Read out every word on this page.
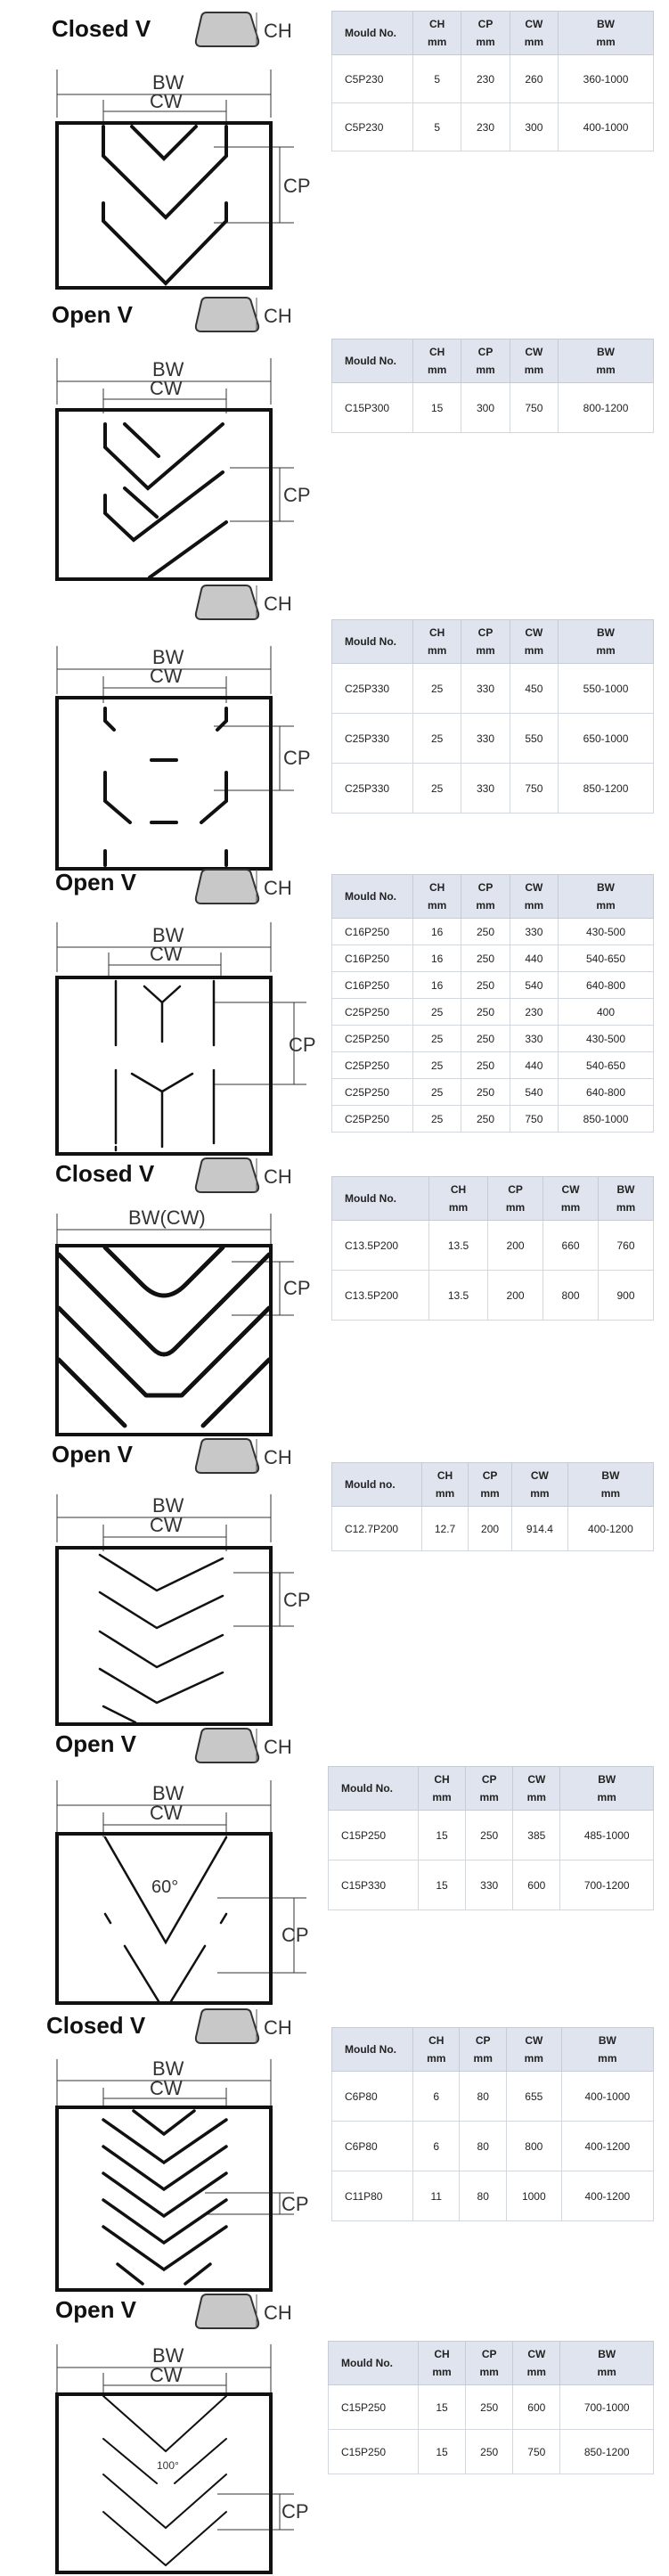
Closed V	CH
BW
CW
CP
Mould No.	CH
mm	CP
mm	CW
mm	BW
mm
C5P230	5	230	260	360-1000
C5P230	5	230	300	400-1000
Open V	CH
BW
CW
CP
Mould No.	CH
mm	CP
mm	CW
mm	BW
mm
C15P300	15	300	750	800-1200
CH
BW
CW
CP
Mould No.	CH
mm	CP
mm	CW
mm	BW
mm
C25P330	25	330	450	550-1000
C25P330	25	330	550	650-1000
C25P330	25	330	750	850-1200
Open V	CH
BW
CW
CP
Mould No.	CH
mm	CP
mm	CW
mm	BW
mm
C16P250	16	250	330	430-500
C16P250	16	250	440	540-650
C16P250	16	250	540	640-800
C25P250	25	250	230	400
C25P250	25	250	330	430-500
C25P250	25	250	440	540-650
C25P250	25	250	540	640-800
C25P250	25	250	750	850-1000
Closed V	CH
BW(CW)
CP
Mould No.	CH
mm	CP
mm	CW
mm	BW
mm
C13.5P200	13.5	200	660	760
C13.5P200	13.5	200	800	900
Open V	CH
BW
CW
CP
Mould no.	CH
mm	CP
mm	CW
mm	BW
mm
C12.7P200	12.7	200	914.4	400-1200
Open V	CH
BW
CW
CP
60°
Mould No.	CH
mm	CP
mm	CW
mm	BW
mm
C15P250	15	250	385	485-1000
C15P330	15	330	600	700-1200
Closed V	CH
BW
CW
CP
Mould No.	CH
mm	CP
mm	CW
mm	BW
mm
C6P80	6	80	655	400-1000
C6P80	6	80	800	400-1200
C11P80	11	80	1000	400-1200
Open V	CH
BW
CW
CP
100°
Mould No.	CH
mm	CP
mm	CW
mm	BW
mm
C15P250	15	250	600	700-1000
C15P250	15	250	750	850-1200
